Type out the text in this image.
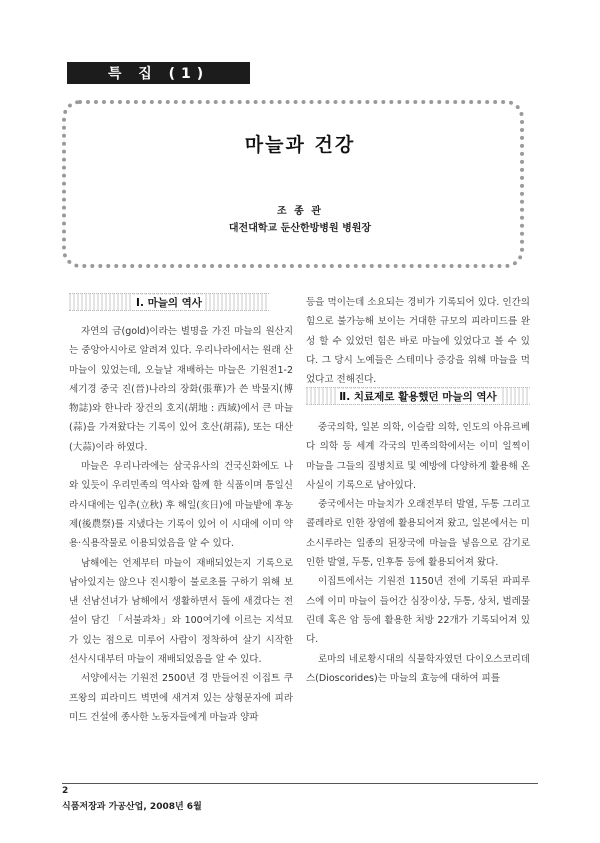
특 집 (1)
마늘과 건강
조 종 관
대전대학교 둔산한방병원 병원장
Ⅰ. 마늘의 역사

자연의 금(gold)이라는 별명을 가진 마늘의 원산지는 중앙아시아로 알려져 있다. 우리나라에서는 원래 산마늘이 있었는데, 오늘날 재배하는 마늘은 기원전1-2세기경 중국 진(晉)나라의 장화(張華)가 쓴 박물지(博物誌)와 한나라 장건의 호지(胡地 : 西域)에서 큰 마늘(蒜)을 가져왔다는 기록이 있어 호산(胡蒜), 또는 대산(大蒜)이라 하였다.

마늘은 우리나라에는 삼국유사의 건국신화에도 나와 있듯이 우리민족의 역사와 함께 한 식품이며 통일신라시대에는 입추(立秋) 후 해일(亥日)에 마늘밭에 후농제(後農祭)를 지냈다는 기록이 있어 이 시대에 이미 약용·식용작물로 이용되었음을 알 수 있다.

남해에는 언제부터 마늘이 재배되었는지 기록으로 남아있지는 않으나 진시황이 불로초를 구하기 위해 보낸 선남선녀가 남해에서 생활하면서 돌에 새겼다는 전설이 담긴 「서불과차」와 100여기에 이르는 지석묘가 있는 점으로 미루어 사람이 정착하여 살기 시작한 선사시대부터 마늘이 재배되었음을 알 수 있다.

서양에서는 기원전 2500년 경 만들어진 이집트 쿠프왕의 피라미드 벽면에 새겨져 있는 상형문자에 피라미드 건설에 종사한 노동자들에게 마늘과 양파

등을 먹이는데 소요되는 경비가 기록되어 있다. 인간의 힘으로 불가능해 보이는 거대한 규모의 피라미드를 완성 할 수 있었던 힘은 바로 마늘에 있었다고 볼 수 있다. 그 당시 노예들은 스테미나 증강을 위해 마늘을 먹었다고 전해진다.

Ⅱ. 치료제로 활용했던 마늘의 역사

중국의학, 일본 의학, 이슬람 의학, 인도의 아유르베다 의학 등 세계 각국의 민족의학에서는 이미 일찍이 마늘을 그들의 질병치료 및 예방에 다양하게 활용해 온 사실이 기록으로 남아있다.

중국에서는 마늘치가 오래전부터 발열, 두통 그리고 콜레라로 인한 장염에 활용되어져 왔고, 일본에서는 미소시루라는 일종의 된장국에 마늘을 넣음으로 감기로 인한 발열, 두통, 인후통 등에 활용되어져 왔다.

이집트에서는 기원전 1150년 전에 기록된 파피루스에 이미 마늘이 들어간 심장이상, 두통, 상처, 벌레물린데 혹은 암 등에 활용한 처방 22개가 기록되어져 있다.

로마의 네로황시대의 식물학자였던 다이오스코리데스(Dioscorides)는 마늘의 효능에 대하여 피를

2
식품저장과 가공산업, 2008년 6월
